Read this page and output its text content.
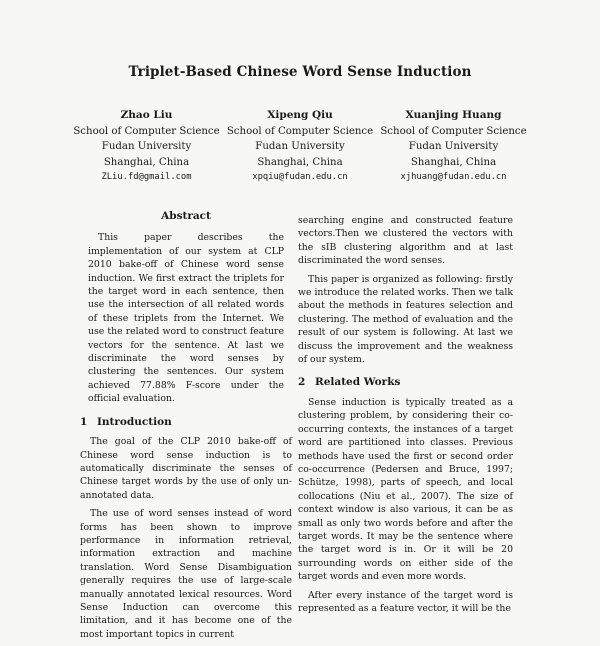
Triplet-Based Chinese Word Sense Induction
Zhao Liu
School of Computer Science
Fudan University
Shanghai, China
ZLiu.fd@gmail.com
Xipeng Qiu
School of Computer Science
Fudan University
Shanghai, China
xpqiu@fudan.edu.cn
Xuanjing Huang
School of Computer Science
Fudan University
Shanghai, China
xjhuang@fudan.edu.cn
Abstract

This paper describes the implementation of our system at CLP 2010 bake-off of Chinese word sense induction. We first extract the triplets for the target word in each sentence, then use the intersection of all related words of these triplets from the Internet. We use the related word to construct feature vectors for the sentence. At last we discriminate the word senses by clustering the sentences. Our system achieved 77.88% F-score under the official evaluation.

1 Introduction

The goal of the CLP 2010 bake-off of Chinese word sense induction is to automatically discriminate the senses of Chinese target words by the use of only un-annotated data.

The use of word senses instead of word forms has been shown to improve performance in information retrieval, information extraction and machine translation. Word Sense Disambiguation generally requires the use of large-scale manually annotated lexical resources. Word Sense Induction can overcome this limitation, and it has become one of the most important topics in current

searching engine and constructed feature vectors.Then we clustered the vectors with the sIB clustering algorithm and at last discriminated the word senses.

This paper is organized as following: firstly we introduce the related works. Then we talk about the methods in features selection and clustering. The method of evaluation and the result of our system is following. At last we discuss the improvement and the weakness of our system.

2 Related Works

Sense induction is typically treated as a clustering problem, by considering their co-occurring contexts, the instances of a target word are partitioned into classes. Previous methods have used the first or second order co-occurrence (Pedersen and Bruce, 1997; Schütze, 1998), parts of speech, and local collocations (Niu et al., 2007). The size of context window is also various, it can be as small as only two words before and after the target words. It may be the sentence where the target word is in. Or it will be 20 surrounding words on either side of the target words and even more words.

After every instance of the target word is represented as a feature vector, it will be the
